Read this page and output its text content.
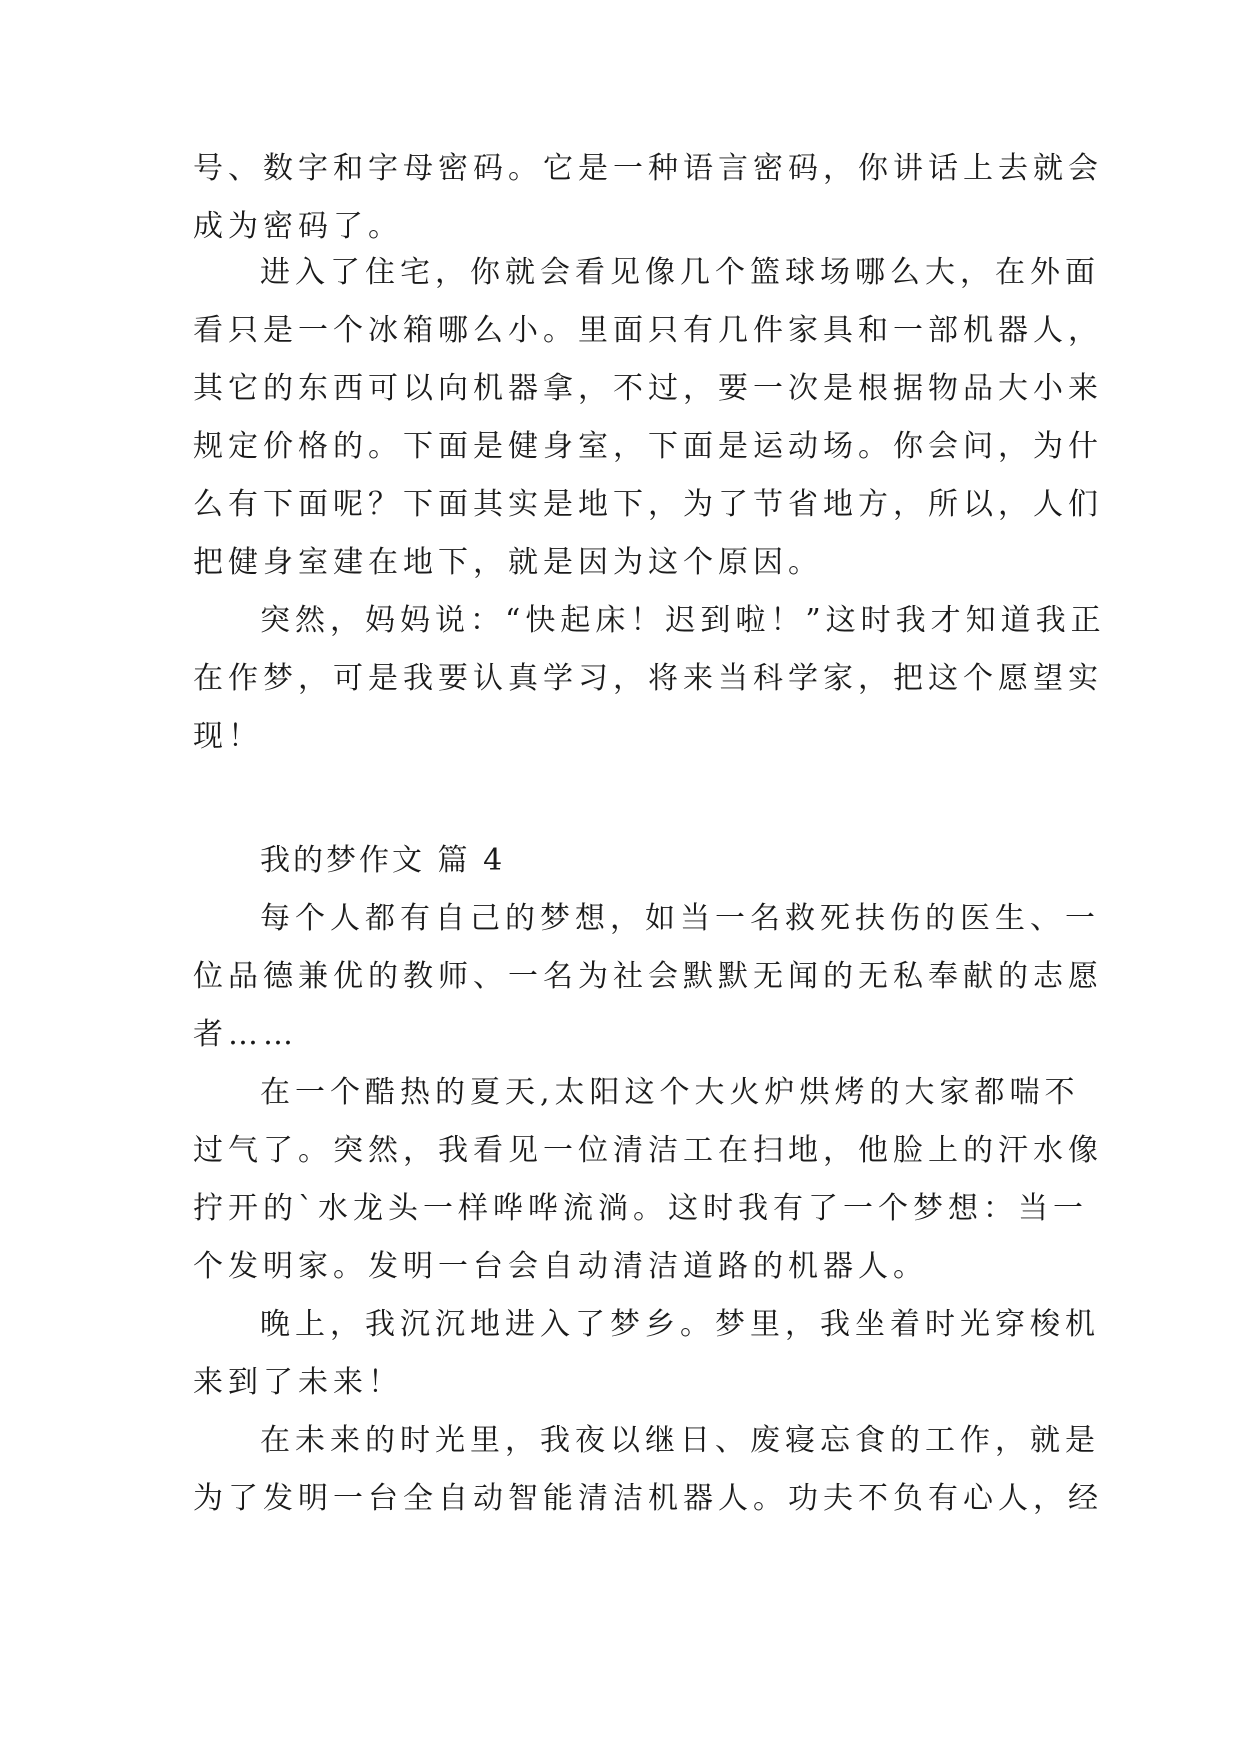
号、数字和字母密码。它是一种语言密码，你讲话上去就会
成为密码了。
进入了住宅，你就会看见像几个篮球场哪么大，在外面
看只是一个冰箱哪么小。里面只有几件家具和一部机器人，
其它的东西可以向机器拿，不过，要一次是根据物品大小来
规定价格的。下面是健身室，下面是运动场。你会问，为什
么有下面呢？下面其实是地下，为了节省地方，所以，人们
把健身室建在地下，就是因为这个原因。
突然，妈妈说：“快起床！迟到啦！”这时我才知道我正
在作梦，可是我要认真学习，将来当科学家，把这个愿望实
现！
我的梦作文 篇 4
每个人都有自己的梦想，如当一名救死扶伤的医生、一
位品德兼优的教师、一名为社会默默无闻的无私奉献的志愿
者……
在一个酷热的夏天,太阳这个大火炉烘烤的大家都喘不
过气了。突然，我看见一位清洁工在扫地，他脸上的汗水像
拧开的`水龙头一样哗哗流淌。这时我有了一个梦想：当一
个发明家。发明一台会自动清洁道路的机器人。
晚上，我沉沉地进入了梦乡。梦里，我坐着时光穿梭机
来到了未来！
在未来的时光里，我夜以继日、废寝忘食的工作，就是
为了发明一台全自动智能清洁机器人。功夫不负有心人，经
